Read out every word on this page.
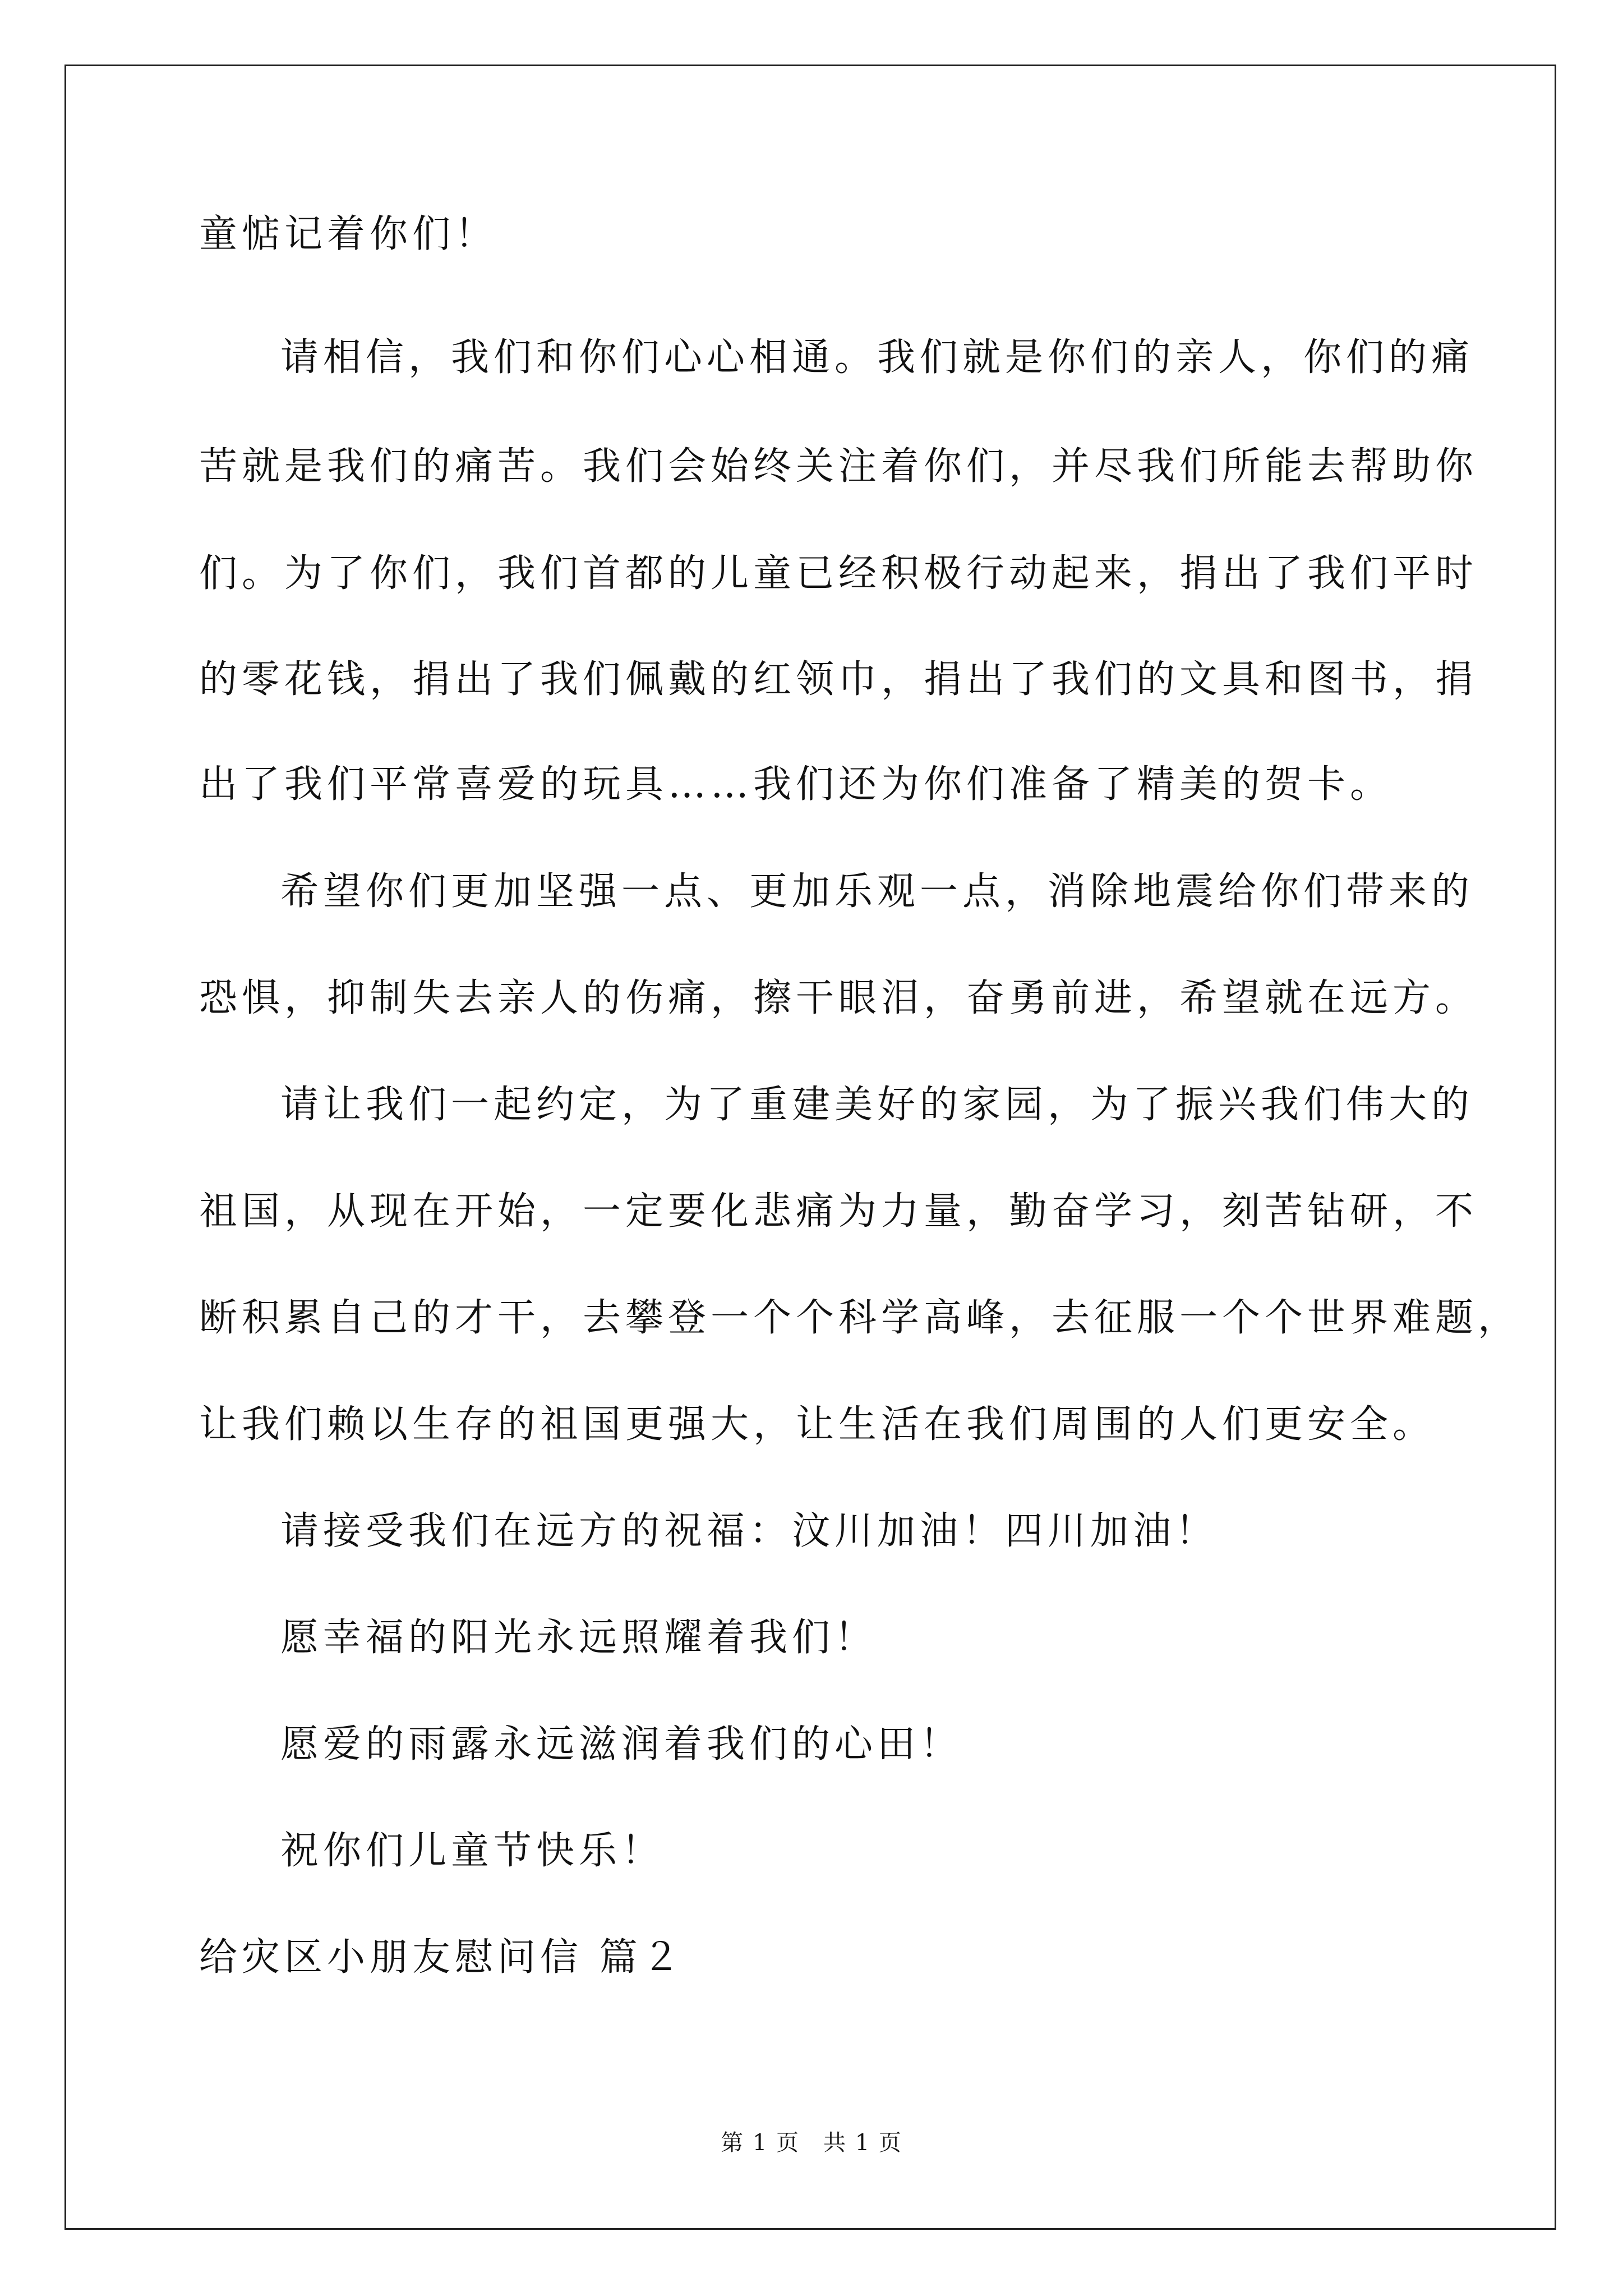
童惦记着你们！
请相信，我们和你们心心相通。我们就是你们的亲人，你们的痛
苦就是我们的痛苦。我们会始终关注着你们，并尽我们所能去帮助你
们。为了你们，我们首都的儿童已经积极行动起来，捐出了我们平时
的零花钱，捐出了我们佩戴的红领巾，捐出了我们的文具和图书，捐
出了我们平常喜爱的玩具……我们还为你们准备了精美的贺卡。
希望你们更加坚强一点、更加乐观一点，消除地震给你们带来的
恐惧，抑制失去亲人的伤痛，擦干眼泪，奋勇前进，希望就在远方。
请让我们一起约定，为了重建美好的家园，为了振兴我们伟大的
祖国，从现在开始，一定要化悲痛为力量，勤奋学习，刻苦钻研，不
断积累自己的才干，去攀登一个个科学高峰，去征服一个个世界难题，
让我们赖以生存的祖国更强大，让生活在我们周围的人们更安全。
请接受我们在远方的祝福：汶川加油！四川加油！
愿幸福的阳光永远照耀着我们！
愿爱的雨露永远滋润着我们的心田！
祝你们儿童节快乐！
给灾区小朋友慰问信 篇２
第 1 页　共 1 页
